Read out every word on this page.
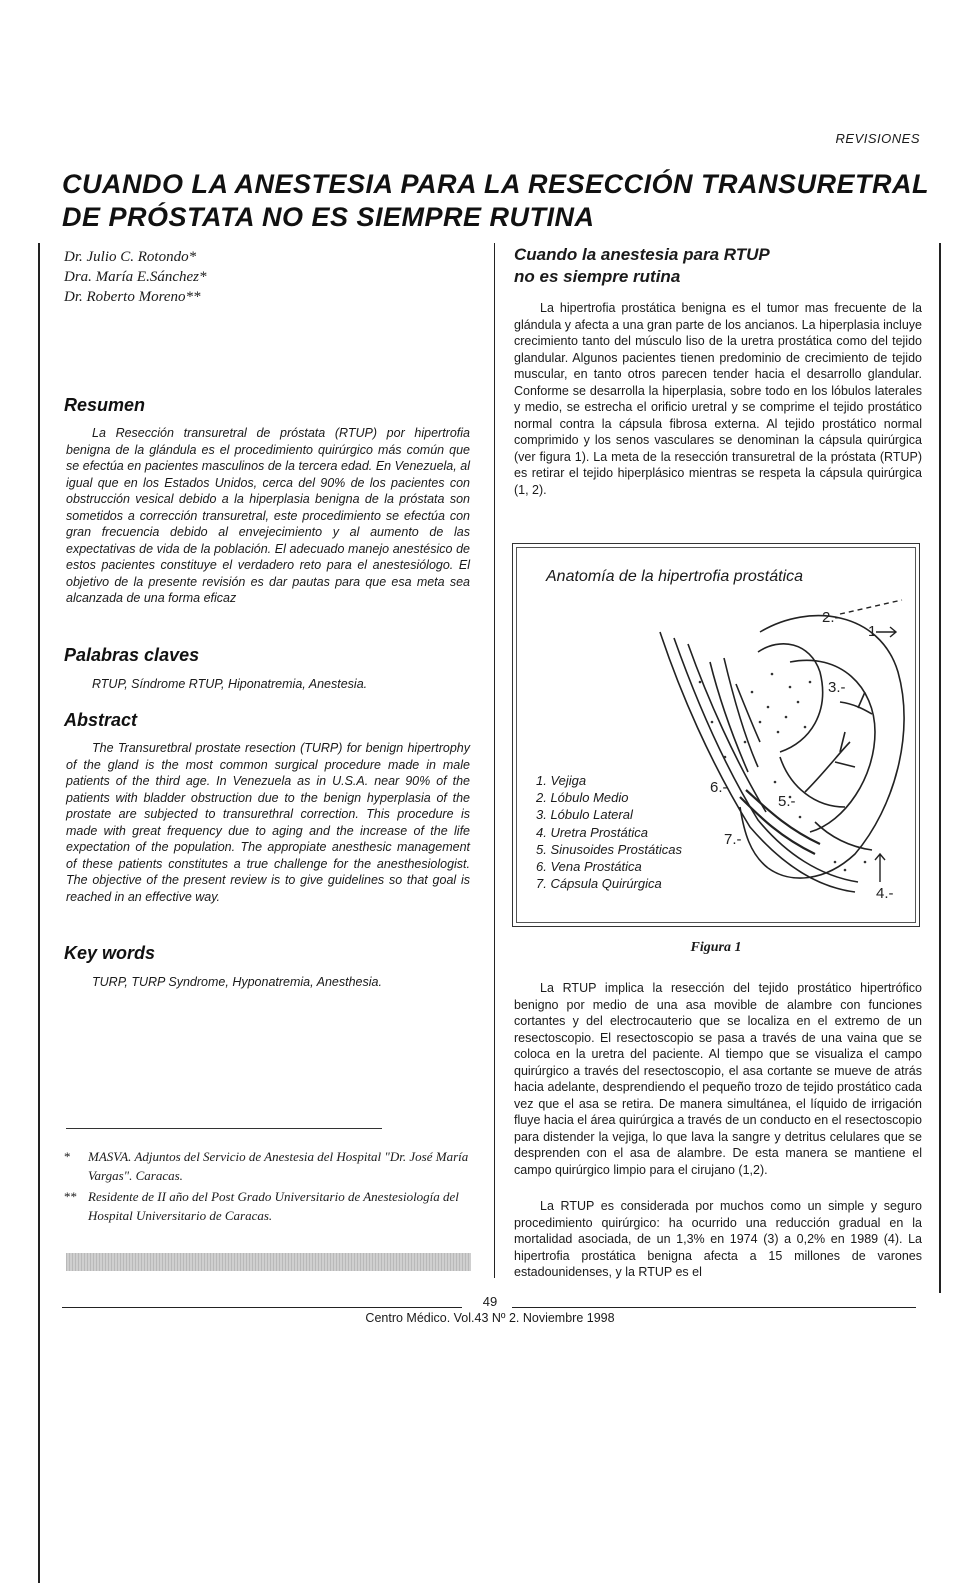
REVISIONES
CUANDO LA ANESTESIA PARA LA RESECCIÓN TRANSURETRAL
DE PRÓSTATA NO ES SIEMPRE RUTINA
Dr. Julio C. Rotondo*
Dra. María E.Sánchez*
Dr. Roberto Moreno**
Resumen
La Resección transuretral de próstata (RTUP) por hipertrofia benigna de la glándula es el procedimiento quirúrgico más común que se efectúa en pacientes masculinos de la tercera edad. En Venezuela, al igual que en los Estados Unidos, cerca del 90% de los pacientes con obstrucción vesical debido a la hiperplasia benigna de la próstata son sometidos a corrección transuretral, este procedimiento se efectúa con gran frecuencia debido al envejecimiento y al aumento de las expectativas de vida de la población. El adecuado manejo anestésico de estos pacientes constituye el verdadero reto para el anestesiólogo. El objetivo de la presente revisión es dar pautas para que esa meta sea alcanzada de una forma eficaz
Palabras claves
RTUP, Síndrome RTUP, Hiponatremia, Anestesia.
Abstract
The Transuretbral prostate resection (TURP) for benign hipertrophy of the gland is the most common surgical procedure made in male patients of the third age. In Venezuela as in U.S.A. near 90% of the patients with bladder obstruction due to the benign hyperplasia of the prostate are subjected to transurethral correction. This procedure is made with great frequency due to aging and the increase of the life expectation of the population. The appropiate anesthesic management of these patients constitutes a true challenge for the anesthesiologist. The objective of the present review is to give guidelines so that goal is reached in an effective way.
Key words
TURP, TURP Syndrome, Hyponatremia, Anesthesia.
* MASVA. Adjuntos del Servicio de Anestesia del Hospital "Dr. José María Vargas". Caracas.
** Residente de II año del Post Grado Universitario de Anestesiología del Hospital Universitario de Caracas.
Cuando la anestesia para RTUP
no es siempre rutina
La hipertrofia prostática benigna es el tumor mas frecuente de la glándula y afecta a una gran parte de los ancianos. La hiperplasia incluye crecimiento tanto del músculo liso de la uretra prostática como del tejido glandular. Algunos pacientes tienen predominio de crecimiento de tejido muscular, en tanto otros parecen tender hacia el desarrollo glandular. Conforme se desarrolla la hiperplasia, sobre todo en los lóbulos laterales y medio, se estrecha el orificio uretral y se comprime el tejido prostático normal contra la cápsula fibrosa externa. Al tejido prostático normal comprimido y los senos vasculares se denominan la cápsula quirúrgica (ver figura 1). La meta de la resección transuretral de la próstata (RTUP) es retirar el tejido hiperplásico mientras se respeta la cápsula quirúrgica (1, 2).
Anatomía de la hipertrofia prostática
2.-
1
3.-
6.-
5.-
7.-
4.-
1. Vejiga
2. Lóbulo Medio
3. Lóbulo Lateral
4. Uretra Prostática
5. Sinusoides Prostáticas
6. Vena Prostática
7. Cápsula Quirúrgica
Figura 1
La RTUP implica la resección del tejido prostático hipertrófico benigno por medio de una asa movible de alambre con funciones cortantes y del electrocauterio que se localiza en el extremo de un resectoscopio. El resectoscopio se pasa a través de una vaina que se coloca en la uretra del paciente. Al tiempo que se visualiza el campo quirúrgico a través del resectoscopio, el asa cortante se mueve de atrás hacia adelante, desprendiendo el pequeño trozo de tejido prostático cada vez que el asa se retira. De manera simultánea, el líquido de irrigación fluye hacia el área quirúrgica a través de un conducto en el resectoscopio para distender la vejiga, lo que lava la sangre y detritus celulares que se desprenden con el asa de alambre. De esta manera se mantiene el campo quirúrgico limpio para el cirujano (1,2).
La RTUP es considerada por muchos como un simple y seguro procedimiento quirúrgico: ha ocurrido una reducción gradual en la mortalidad asociada, de un 1,3% en 1974 (3) a 0,2% en 1989 (4). La hipertrofia prostática benigna afecta a 15 millones de varones estadounidenses, y la RTUP es el
49
Centro Médico. Vol.43 Nº 2. Noviembre 1998
